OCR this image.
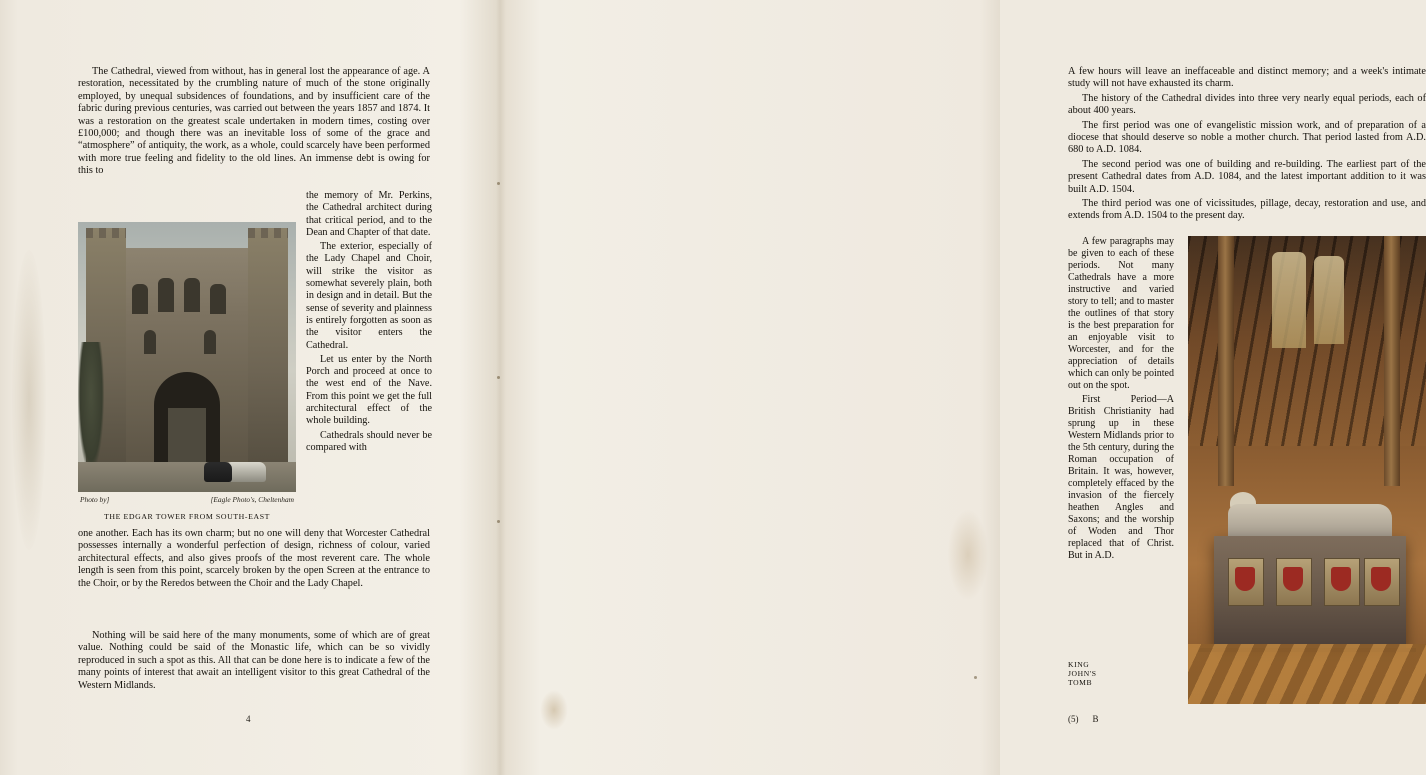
The Cathedral, viewed from without, has in general lost the appearance of age. A restoration, necessitated by the crumbling nature of much of the stone originally employed, by unequal subsidences of foundations, and by insufficient care of the fabric during previous centuries, was carried out between the years 1857 and 1874. It was a restoration on the greatest scale undertaken in modern times, costing over £100,000; and though there was an inevitable loss of some of the grace and “atmosphere” of antiquity, the work, as a whole, could scarcely have been performed with more true feeling and fidelity to the old lines. An immense debt is owing for this to

Photo by]	[Eagle Photo's, Cheltenham
THE EDGAR TOWER FROM SOUTH-EAST

the memory of Mr. Perkins, the Cathedral architect during that critical period, and to the Dean and Chapter of that date.

The exterior, especially of the Lady Chapel and Choir, will strike the visitor as somewhat severely plain, both in design and in detail. But the sense of severity and plainness is entirely forgotten as soon as the visitor enters the Cathedral.

Let us enter by the North Porch and proceed at once to the west end of the Nave. From this point we get the full architectural effect of the whole building.

Cathedrals should never be compared with

one another. Each has its own charm; but no one will deny that Worcester Cathedral possesses internally a wonderful perfection of design, richness of colour, varied architectural effects, and also gives proofs of the most reverent care. The whole length is seen from this point, scarcely broken by the open Screen at the entrance to the Choir, or by the Reredos between the Choir and the Lady Chapel.

Nothing will be said here of the many monuments, some of which are of great value. Nothing could be said of the Monastic life, which can be so vividly reproduced in such a spot as this. All that can be done here is to indicate a few of the many points of interest that await an intelligent visitor to this great Cathedral of the Western Midlands.

4

A few hours will leave an ineffaceable and distinct memory; and a week's intimate study will not have exhausted its charm.

The history of the Cathedral divides into three very nearly equal periods, each of about 400 years.

The first period was one of evangelistic mission work, and of preparation of a diocese that should deserve so noble a mother church. That period lasted from A.D. 680 to A.D. 1084.

The second period was one of building and re-building. The earliest part of the present Cathedral dates from A.D. 1084, and the latest important addition to it was built A.D. 1504.

The third period was one of vicissitudes, pillage, decay, restoration and use, and extends from A.D. 1504 to the present day.

A few paragraphs may be given to each of these periods. Not many Cathedrals have a more instructive and varied story to tell; and to master the outlines of that story is the best preparation for an enjoyable visit to Worcester, and for the appreciation of details which can only be pointed out on the spot.

First Period—A British Christianity had sprung up in these Western Midlands prior to the 5th century, during the Roman occupation of Britain. It was, however, completely effaced by the invasion of the fiercely heathen Angles and Saxons; and the worship of Woden and Thor replaced that of Christ. But in A.D.

KING JOHN'S TOMB
(5) B
